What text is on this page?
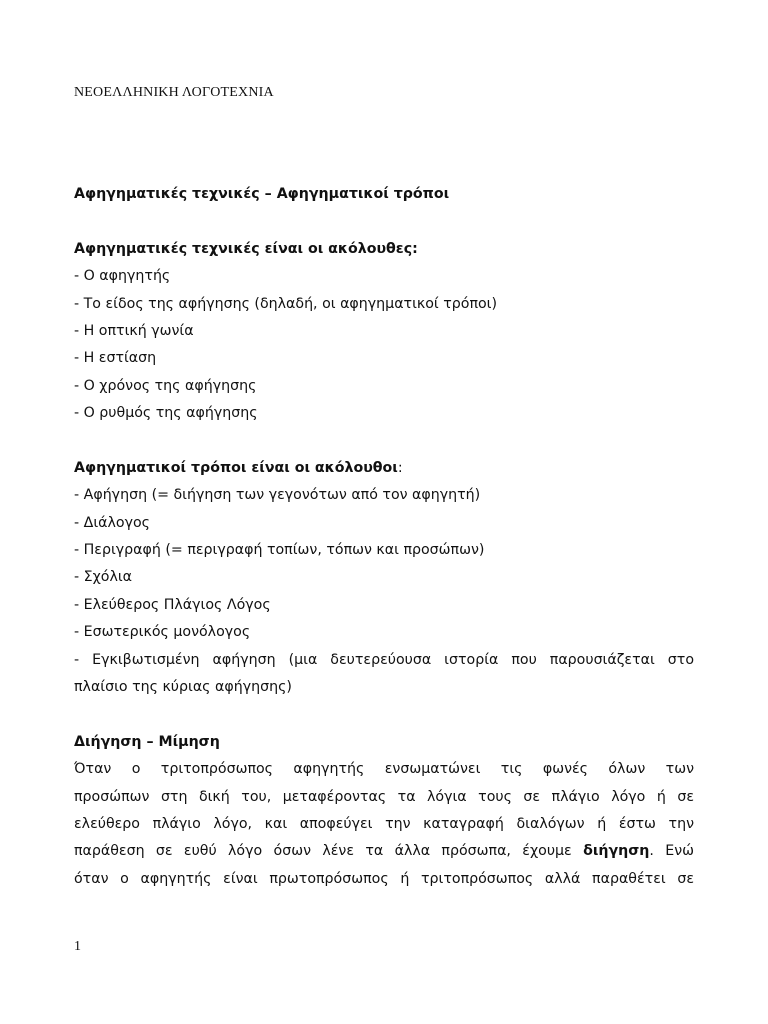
ΝΕΟΕΛΛΗΝΙΚΗ ΛΟΓΟΤΕΧΝΙΑ
Αφηγηματικές τεχνικές – Αφηγηματικοί τρόποι
Αφηγηματικές τεχνικές είναι οι ακόλουθες:
- Ο αφηγητής
- Το είδος της αφήγησης (δηλαδή, οι αφηγηματικοί τρόποι)
- Η οπτική γωνία
- Η εστίαση
- Ο χρόνος της αφήγησης
- Ο ρυθμός της αφήγησης
Αφηγηματικοί τρόποι είναι οι ακόλουθοι:
- Αφήγηση (= διήγηση των γεγονότων από τον αφηγητή)
- Διάλογος
- Περιγραφή (= περιγραφή τοπίων, τόπων και προσώπων)
- Σχόλια
- Ελεύθερος Πλάγιος Λόγος
- Εσωτερικός μονόλογος
- Εγκιβωτισμένη αφήγηση (μια δευτερεύουσα ιστορία που παρουσιάζεται στο
πλαίσιο της κύριας αφήγησης)
Διήγηση – Μίμηση
Όταν ο τριτοπρόσωπος αφηγητής ενσωματώνει τις φωνές όλων των
προσώπων στη δική του, μεταφέροντας τα λόγια τους σε πλάγιο λόγο ή σε
ελεύθερο πλάγιο λόγο, και αποφεύγει την καταγραφή διαλόγων ή έστω την
παράθεση σε ευθύ λόγο όσων λένε τα άλλα πρόσωπα, έχουμε διήγηση. Ενώ
όταν ο αφηγητής είναι πρωτοπρόσωπος ή τριτοπρόσωπος αλλά παραθέτει σε
1
